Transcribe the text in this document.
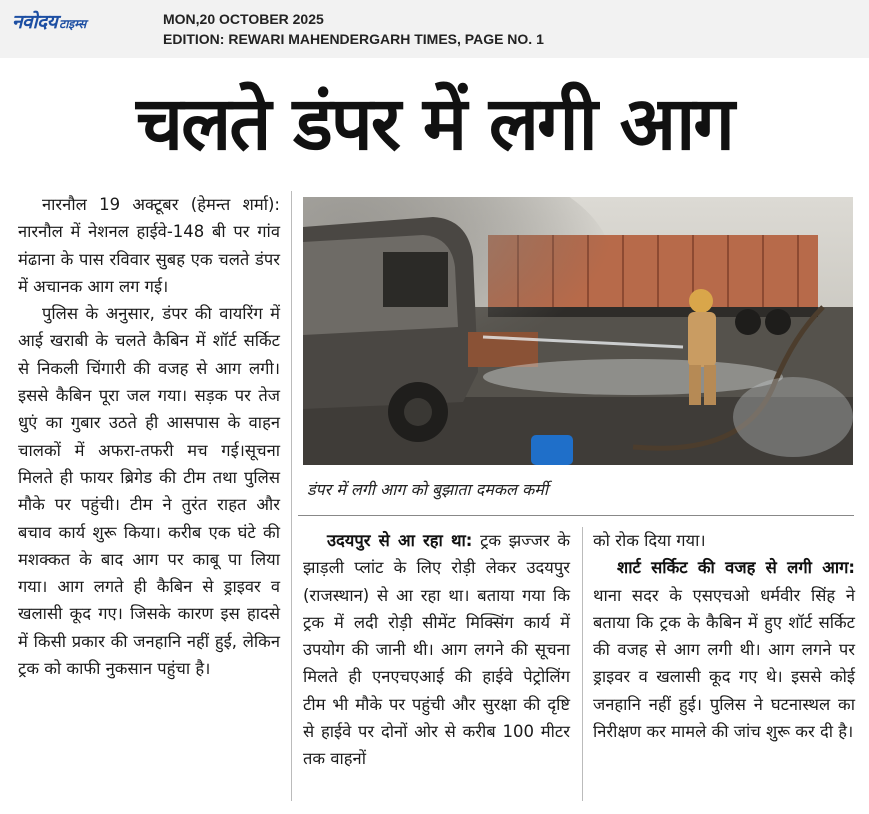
नवोदय टाइम्स	MON,20 OCTOBER 2025
EDITION: REWARI MAHENDERGARH TIMES, PAGE NO. 1
चलते डंपर में लगी आग

नारनौल 19 अक्टूबर (हेमन्त शर्मा): नारनौल में नेशनल हाईवे-148 बी पर गांव मंढाना के पास रविवार सुबह एक चलते डंपर में अचानक आग लग गई।

पुलिस के अनुसार, डंपर की वायरिंग में आई खराबी के चलते कैबिन में शॉर्ट सर्किट से निकली चिंगारी की वजह से आग लगी। इससे कैबिन पूरा जल गया। सड़क पर तेज धुएं का गुबार उठते ही आसपास के वाहन चालकों में अफरा-तफरी मच गई।सूचना मिलते ही फायर ब्रिगेड की टीम तथा पुलिस मौके पर पहुंची। टीम ने तुरंत राहत और बचाव कार्य शुरू किया। करीब एक घंटे की मशक्कत के बाद आग पर काबू पा लिया गया। आग लगते ही कैबिन से ड्राइवर व खलासी कूद गए। जिसके कारण इस हादसे में किसी प्रकार की जनहानि नहीं हुई, लेकिन ट्रक को काफी नुकसान पहुंचा है।

डंपर में लगी आग को बुझाता दमकल कर्मी

उदयपुर से आ रहा था: ट्रक झज्जर के झाड़ली प्लांट के लिए रोड़ी लेकर उदयपुर (राजस्थान) से आ रहा था। बताया गया कि ट्रक में लदी रोड़ी सीमेंट मिक्सिंग कार्य में उपयोग की जानी थी। आग लगने की सूचना मिलते ही एनएचएआई की हाईवे पेट्रोलिंग टीम भी मौके पर पहुंची और सुरक्षा की दृष्टि से हाईवे पर दोनों ओर से करीब 100 मीटर तक वाहनों

को रोक दिया गया।

शार्ट सर्किट की वजह से लगी आग: थाना सदर के एसएचओ धर्मवीर सिंह ने बताया कि ट्रक के कैबिन में हुए शॉर्ट सर्किट की वजह से आग लगी थी। आग लगने पर ड्राइवर व खलासी कूद गए थे। इससे कोई जनहानि नहीं हुई। पुलिस ने घटनास्थल का निरीक्षण कर मामले की जांच शुरू कर दी है।
